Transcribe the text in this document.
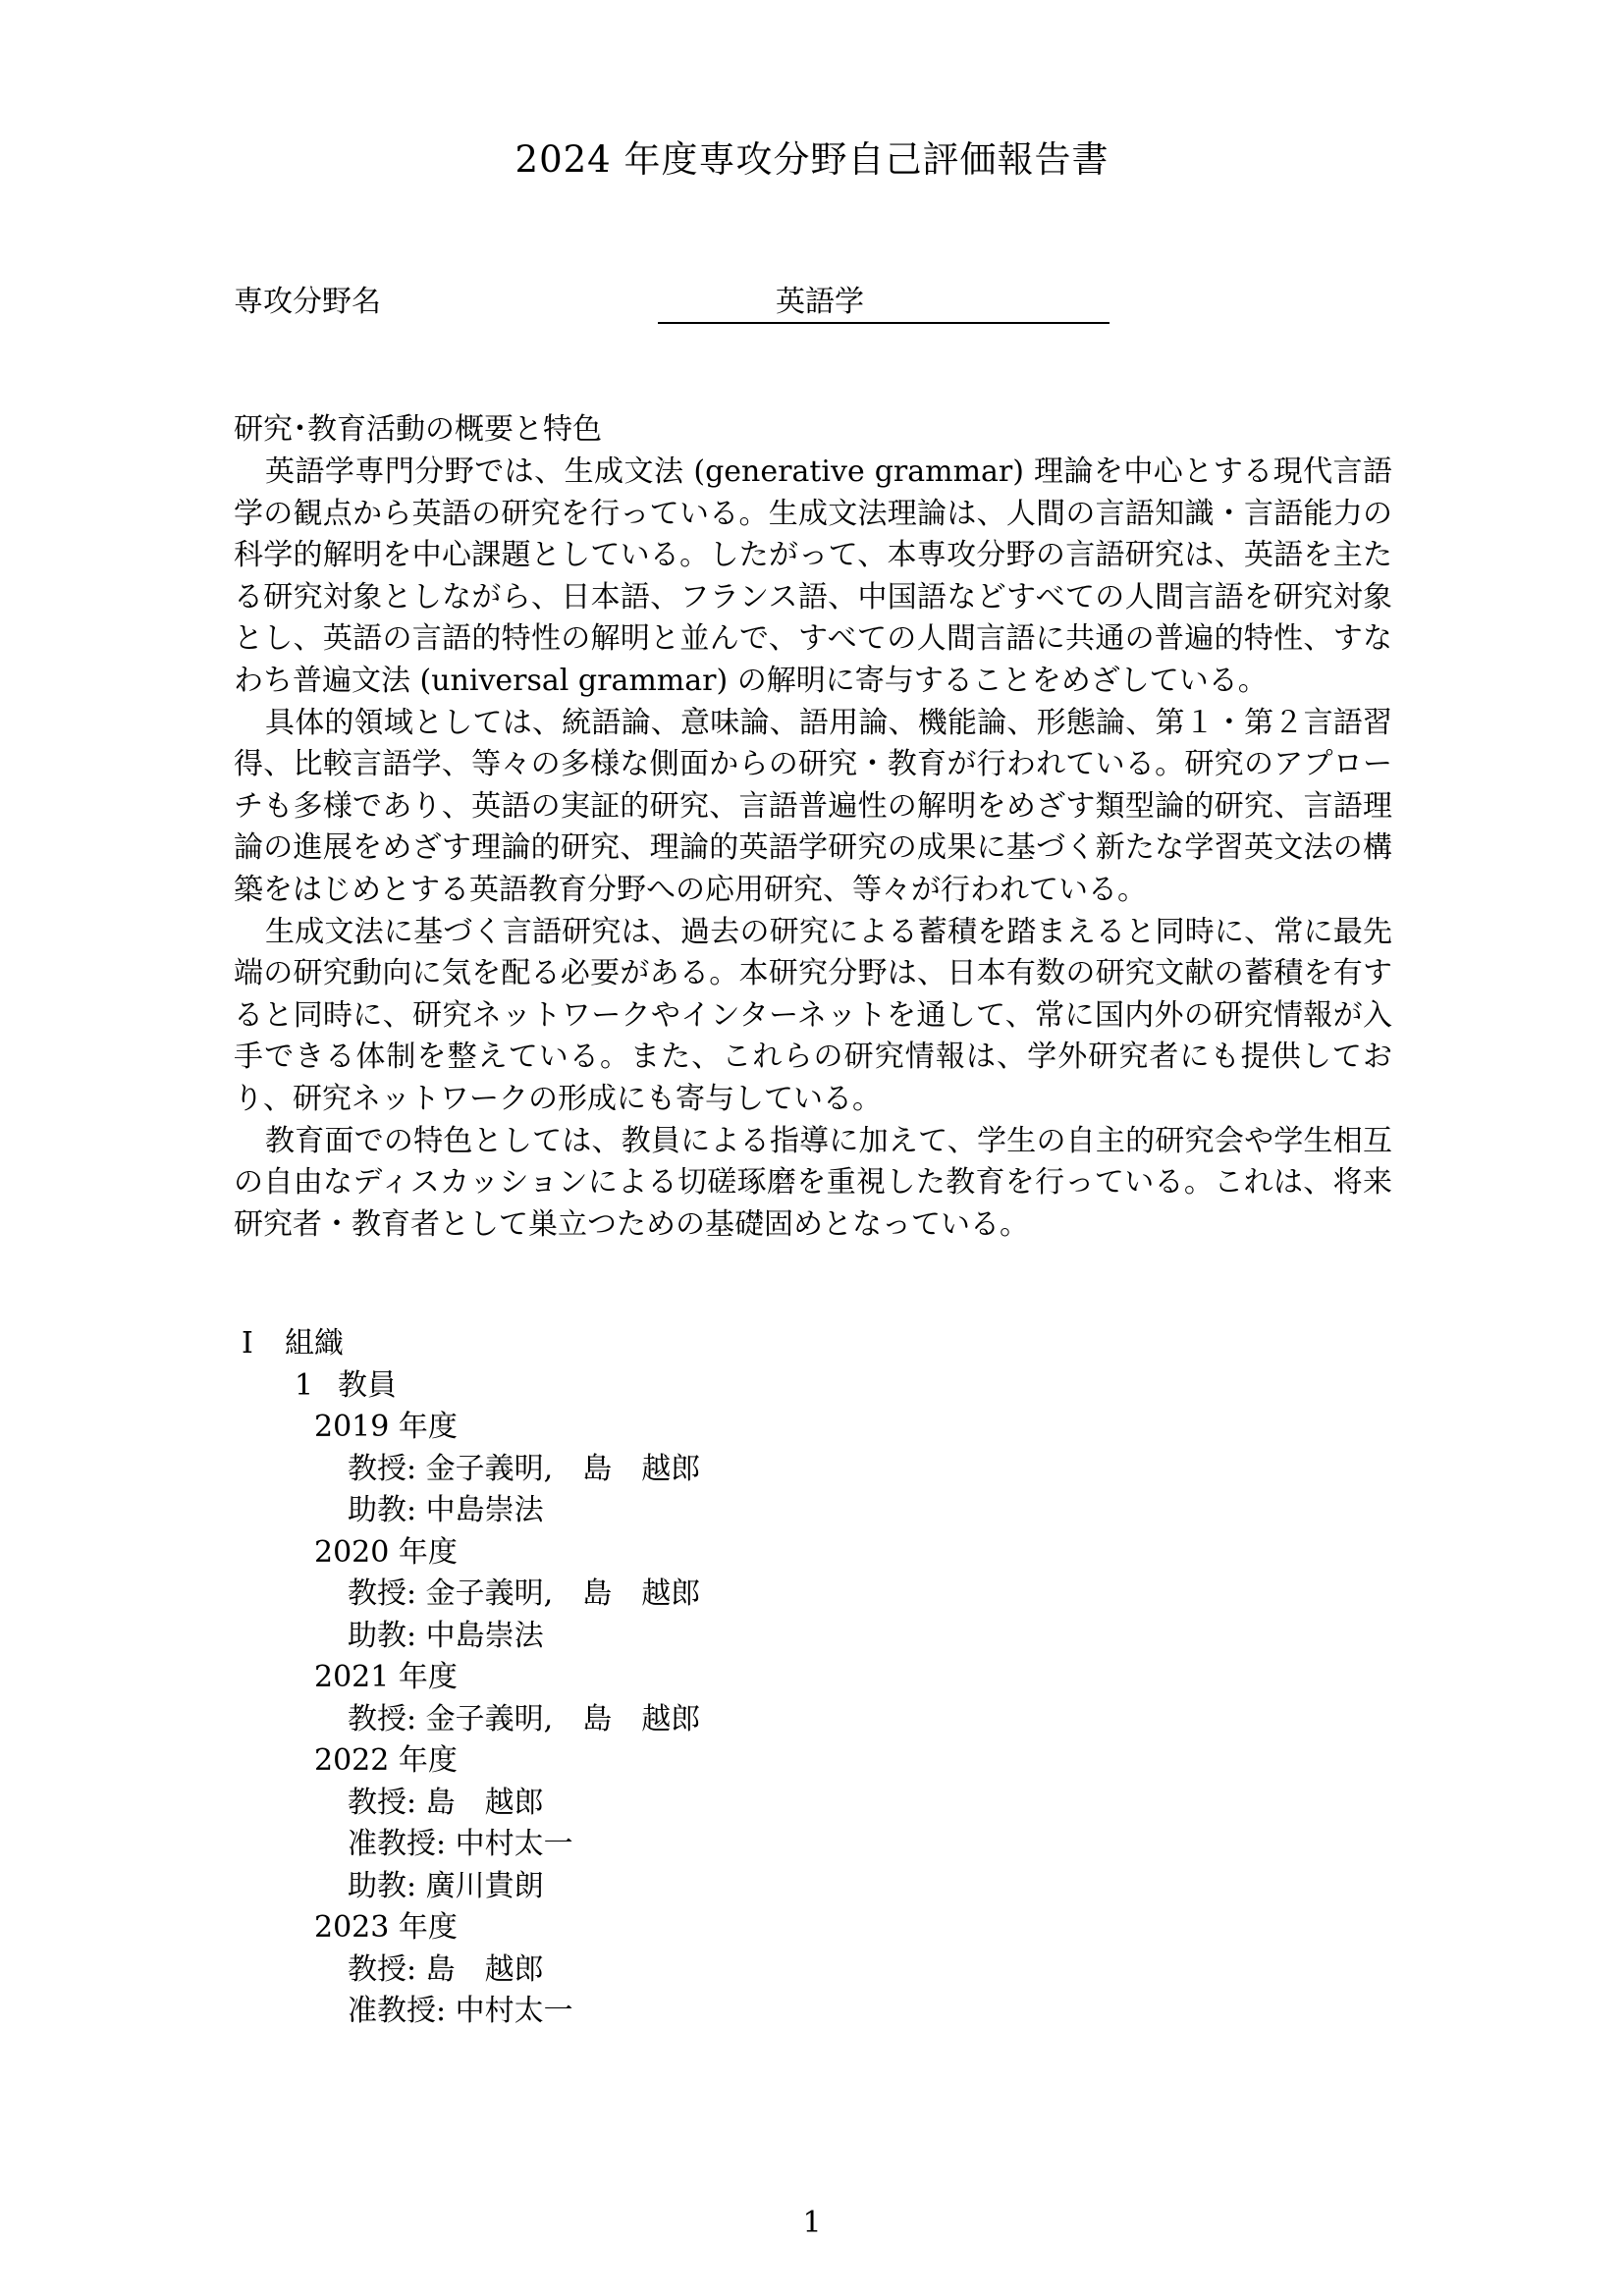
2024 年度専攻分野自己評価報告書
専攻分野名	英語学
研究･教育活動の概要と特色

英語学専門分野では、生成文法 (generative grammar) 理論を中心とする現代言語学の観点から英語の研究を行っている。生成文法理論は、人間の言語知識・言語能力の科学的解明を中心課題としている。したがって、本専攻分野の言語研究は、英語を主たる研究対象としながら、日本語、フランス語、中国語などすべての人間言語を研究対象とし、英語の言語的特性の解明と並んで、すべての人間言語に共通の普遍的特性、すなわち普遍文法 (universal grammar) の解明に寄与することをめざしている。

具体的領域としては、統語論、意味論、語用論、機能論、形態論、第１・第２言語習得、比較言語学、等々の多様な側面からの研究・教育が行われている。研究のアプローチも多様であり、英語の実証的研究、言語普遍性の解明をめざす類型論的研究、言語理論の進展をめざす理論的研究、理論的英語学研究の成果に基づく新たな学習英文法の構築をはじめとする英語教育分野への応用研究、等々が行われている。

生成文法に基づく言語研究は、過去の研究による蓄積を踏まえると同時に、常に最先端の研究動向に気を配る必要がある。本研究分野は、日本有数の研究文献の蓄積を有すると同時に、研究ネットワークやインターネットを通して、常に国内外の研究情報が入手できる体制を整えている。また、これらの研究情報は、学外研究者にも提供しており、研究ネットワークの形成にも寄与している。

教育面での特色としては、教員による指導に加えて、学生の自主的研究会や学生相互の自由なディスカッションによる切磋琢磨を重視した教育を行っている。これは、将来研究者・教育者として巣立つための基礎固めとなっている。

Ⅰ 組織
1 教員
2019 年度
教授: 金子義明,　島　越郎
助教: 中島崇法
2020 年度
教授: 金子義明,　島　越郎
助教: 中島崇法
2021 年度
教授: 金子義明,　島　越郎
2022 年度
教授: 島　越郎
准教授: 中村太一
助教: 廣川貴朗
2023 年度
教授: 島　越郎
准教授: 中村太一
1
